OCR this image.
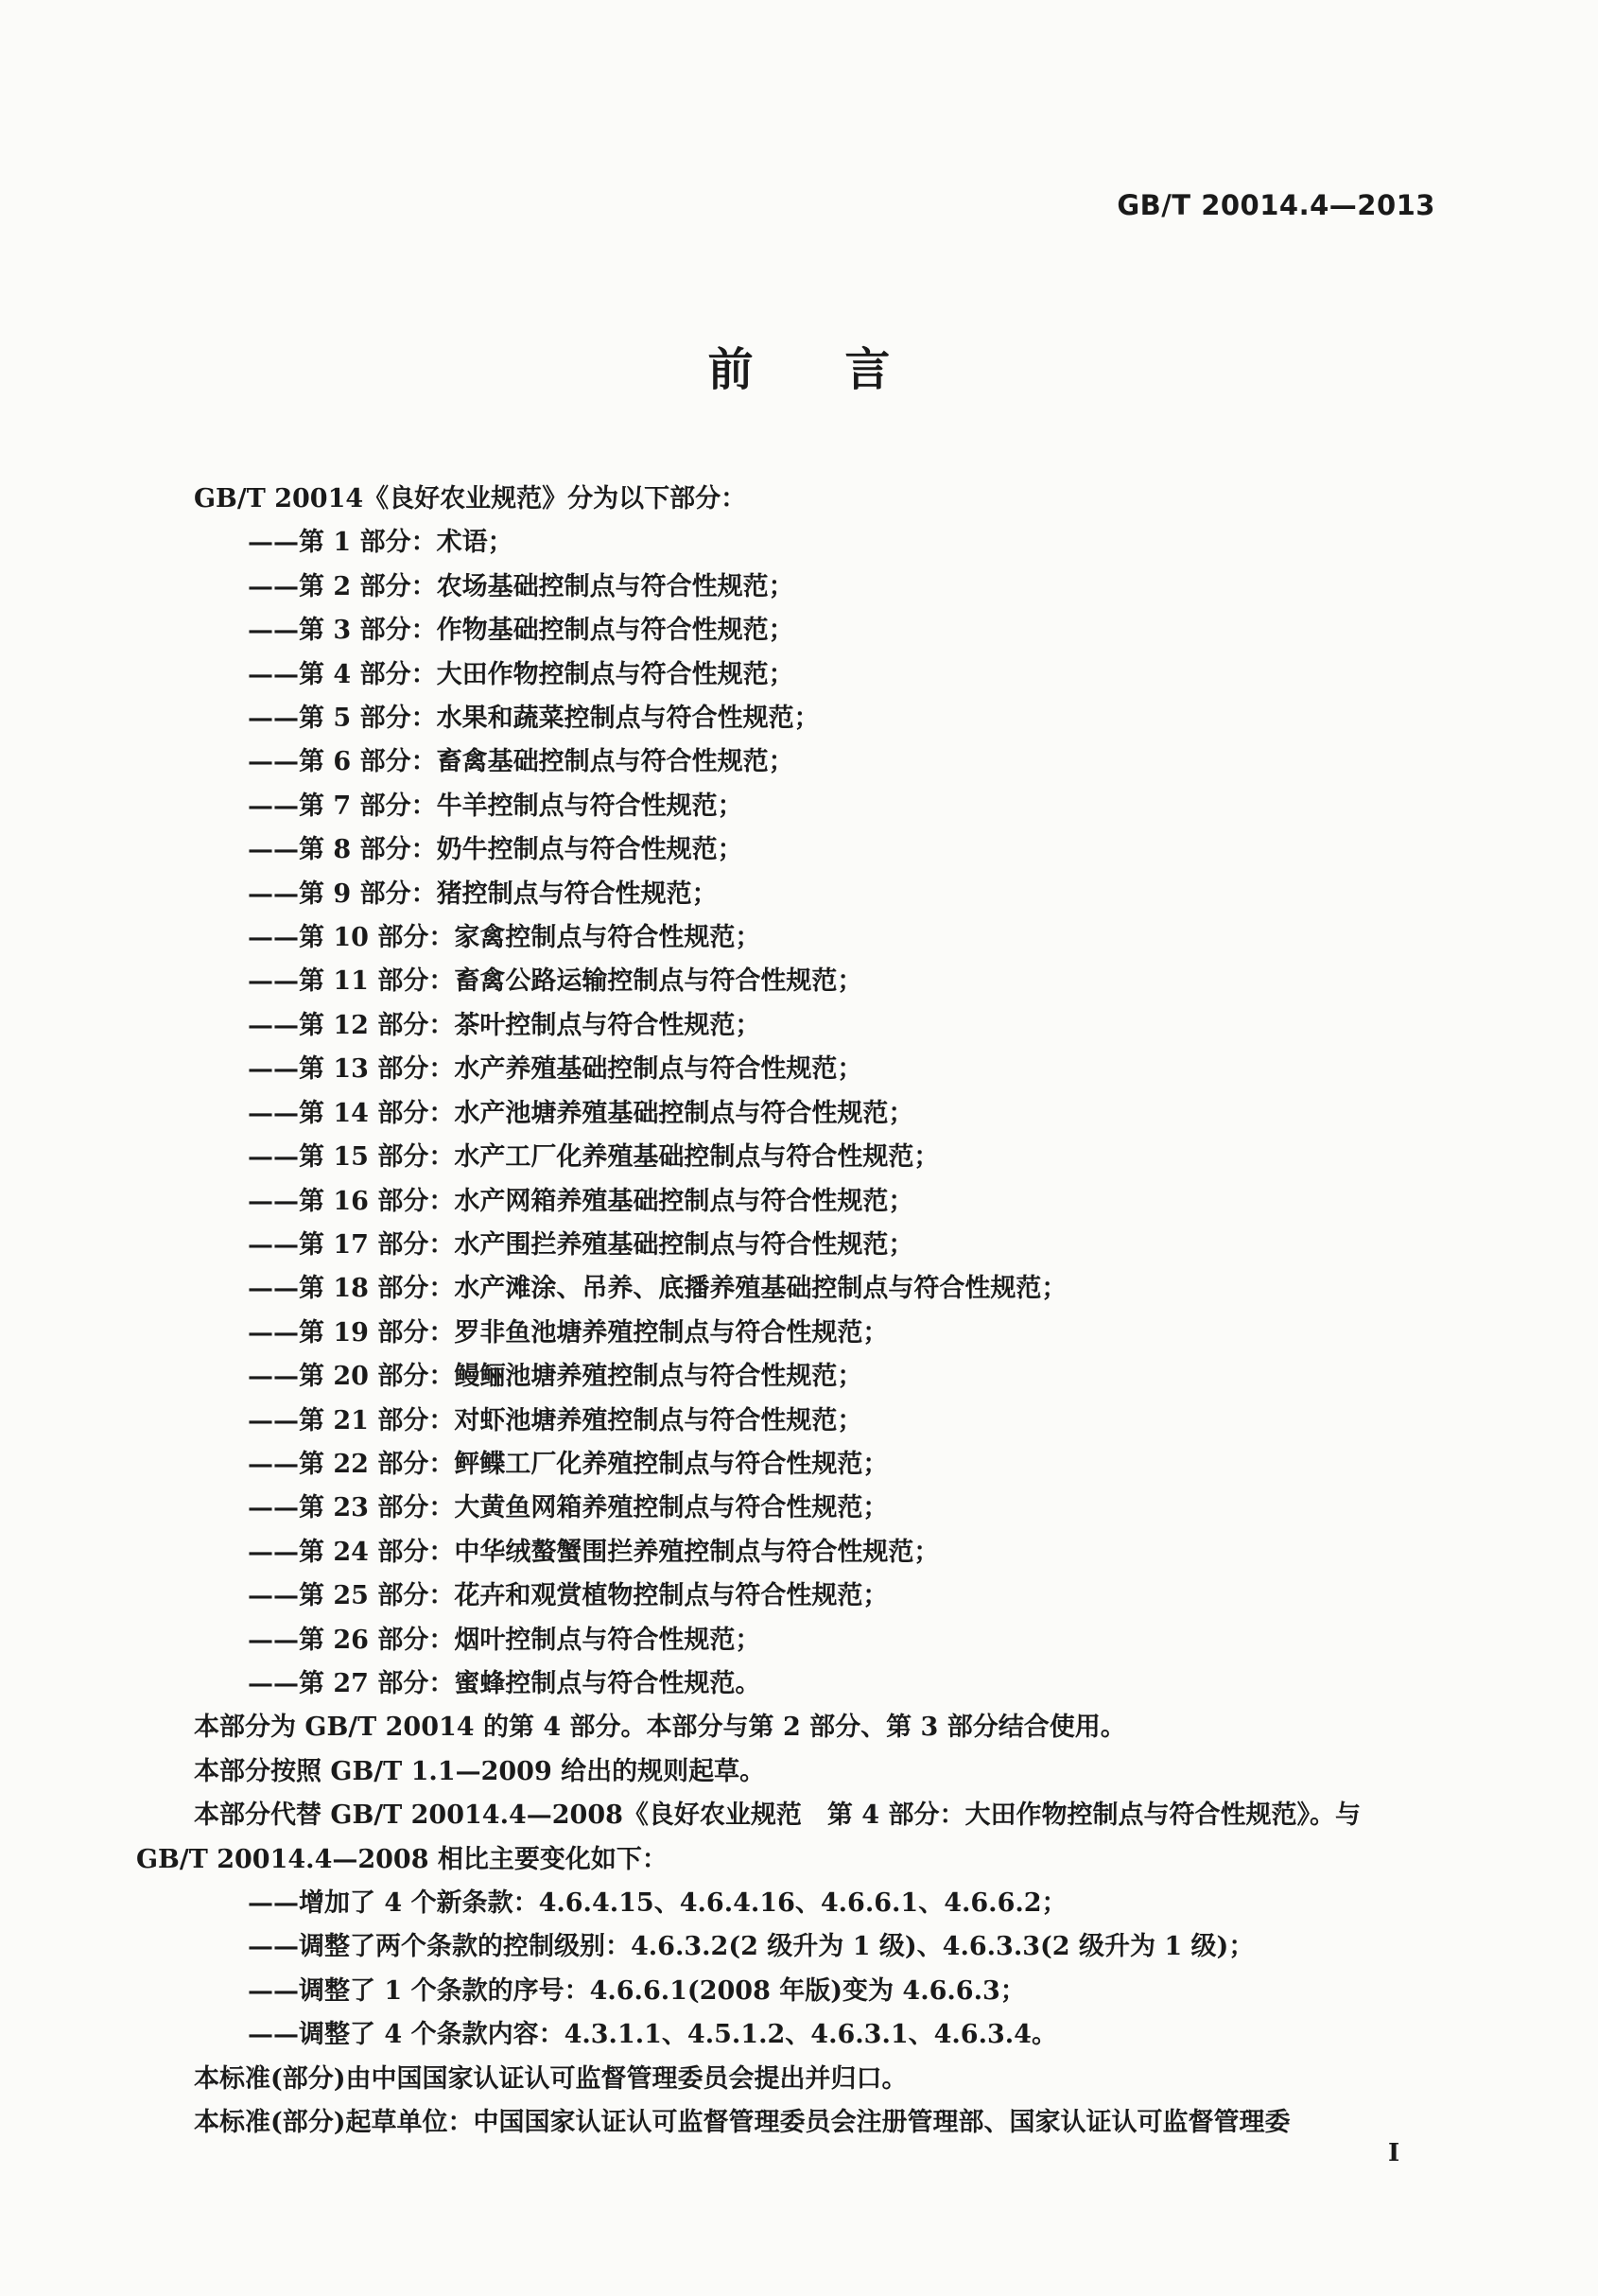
GB/T 20014.4—2013
前 言

GB/T 20014《良好农业规范》分为以下部分：

——第 1 部分：术语；

——第 2 部分：农场基础控制点与符合性规范；

——第 3 部分：作物基础控制点与符合性规范；

——第 4 部分：大田作物控制点与符合性规范；

——第 5 部分：水果和蔬菜控制点与符合性规范；

——第 6 部分：畜禽基础控制点与符合性规范；

——第 7 部分：牛羊控制点与符合性规范；

——第 8 部分：奶牛控制点与符合性规范；

——第 9 部分：猪控制点与符合性规范；

——第 10 部分：家禽控制点与符合性规范；

——第 11 部分：畜禽公路运输控制点与符合性规范；

——第 12 部分：茶叶控制点与符合性规范；

——第 13 部分：水产养殖基础控制点与符合性规范；

——第 14 部分：水产池塘养殖基础控制点与符合性规范；

——第 15 部分：水产工厂化养殖基础控制点与符合性规范；

——第 16 部分：水产网箱养殖基础控制点与符合性规范；

——第 17 部分：水产围拦养殖基础控制点与符合性规范；

——第 18 部分：水产滩涂、吊养、底播养殖基础控制点与符合性规范；

——第 19 部分：罗非鱼池塘养殖控制点与符合性规范；

——第 20 部分：鳗鲡池塘养殖控制点与符合性规范；

——第 21 部分：对虾池塘养殖控制点与符合性规范；

——第 22 部分：鲆鲽工厂化养殖控制点与符合性规范；

——第 23 部分：大黄鱼网箱养殖控制点与符合性规范；

——第 24 部分：中华绒螯蟹围拦养殖控制点与符合性规范；

——第 25 部分：花卉和观赏植物控制点与符合性规范；

——第 26 部分：烟叶控制点与符合性规范；

——第 27 部分：蜜蜂控制点与符合性规范。

本部分为 GB/T 20014 的第 4 部分。本部分与第 2 部分、第 3 部分结合使用。

本部分按照 GB/T 1.1—2009 给出的规则起草。

本部分代替 GB/T 20014.4—2008《良好农业规范　第 4 部分：大田作物控制点与符合性规范》。与

GB/T 20014.4—2008 相比主要变化如下：

——增加了 4 个新条款：4.6.4.15、4.6.4.16、4.6.6.1、4.6.6.2；

——调整了两个条款的控制级别：4.6.3.2(2 级升为 1 级)、4.6.3.3(2 级升为 1 级)；

——调整了 1 个条款的序号：4.6.6.1(2008 年版)变为 4.6.6.3；

——调整了 4 个条款内容：4.3.1.1、4.5.1.2、4.6.3.1、4.6.3.4。

本标准(部分)由中国国家认证认可监督管理委员会提出并归口。

本标准(部分)起草单位：中国国家认证认可监督管理委员会注册管理部、国家认证认可监督管理委

I
